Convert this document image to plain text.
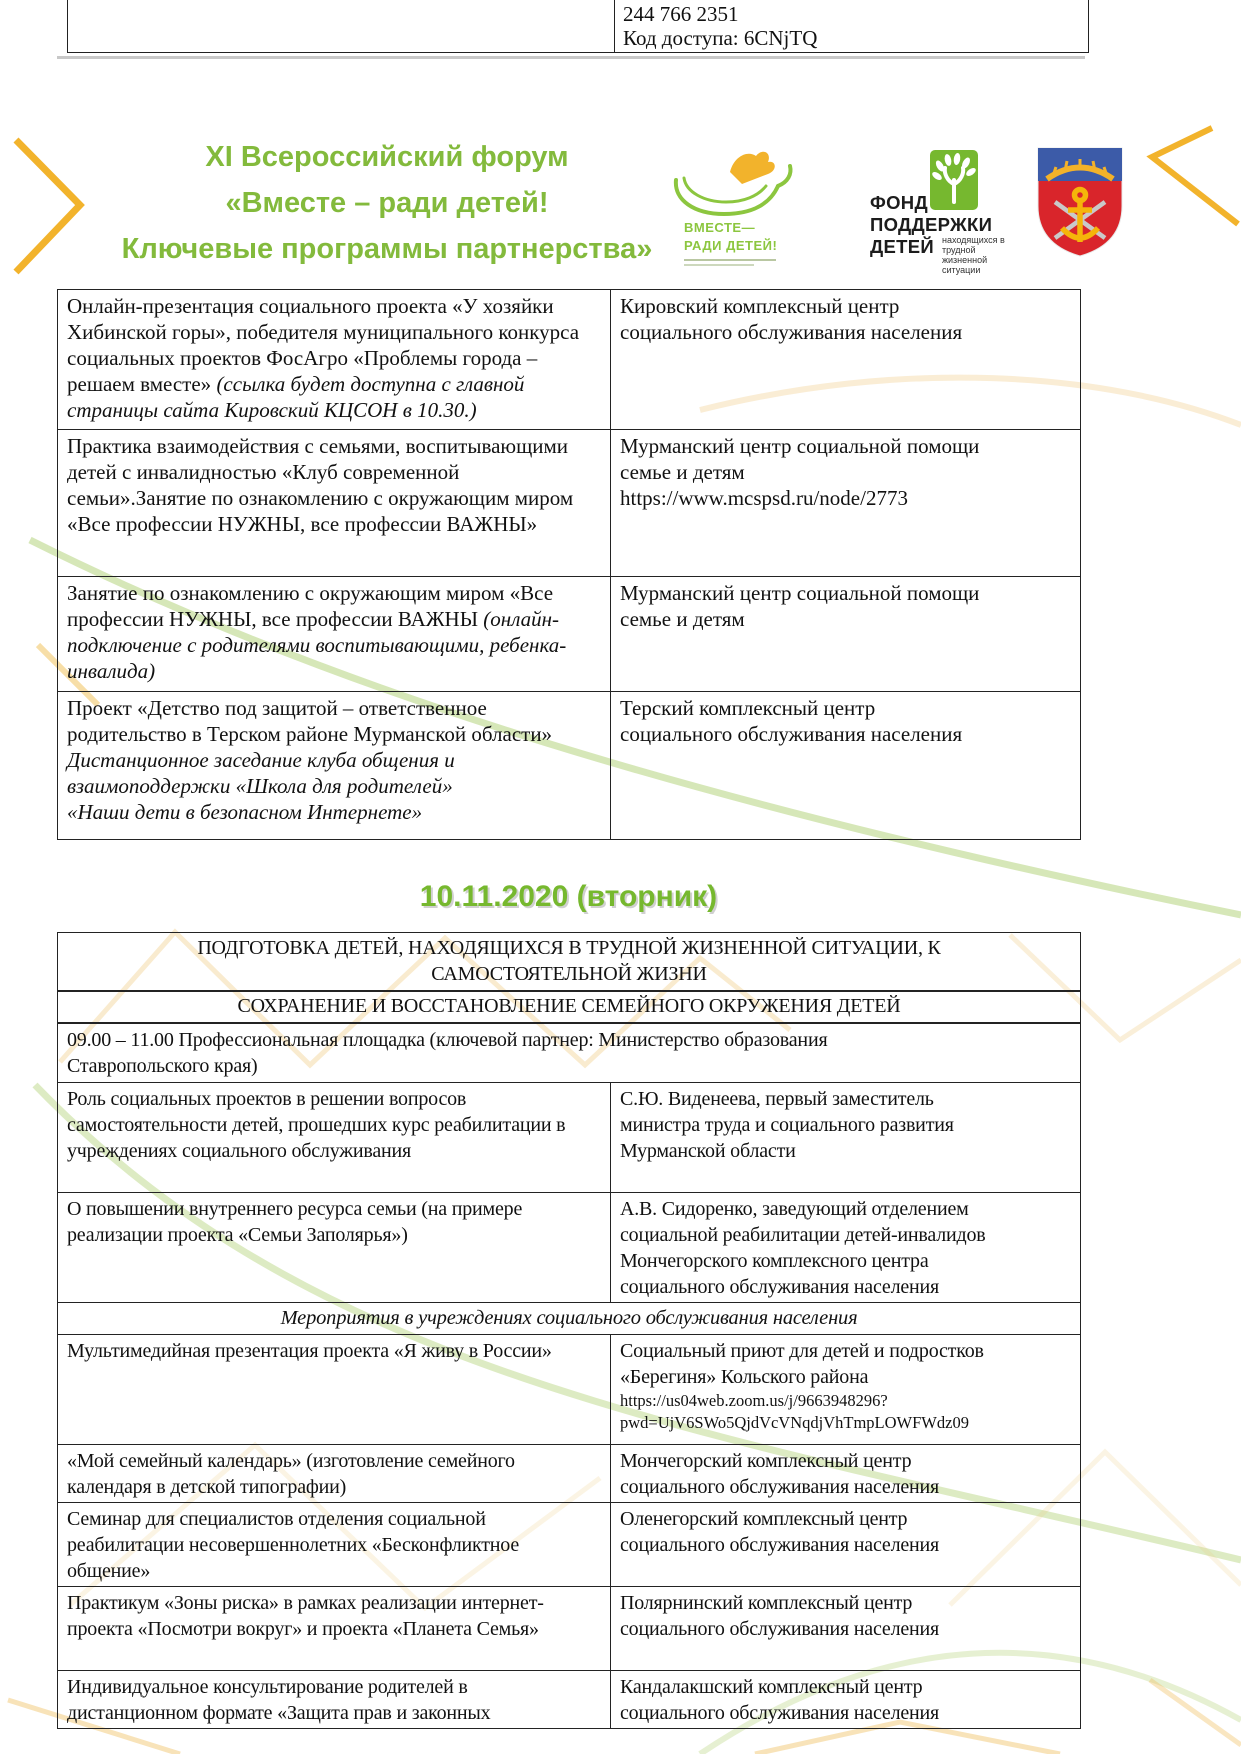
244 766 2351
Код доступа: 6CNjTQ
XI Всероссийский форум
«Вместе – ради детей!
Ключевые программы партнерства»
ВМЕСТЕ—
РАДИ ДЕТЕЙ!
ФОНД
ПОДДЕРЖКИ
ДЕТЕЙ находящихся в трудной жизненной ситуации
Онлайн-презентация социального проекта «У хозяйки Хибинской горы», победителя муниципального конкурса социальных проектов ФосАгро «Проблемы города – решаем вместе» (ссылка будет доступна с главной страницы сайта Кировский КЦСОН в 10.30.)	Кировский комплексный центр социального обслуживания населения
Практика взаимодействия с семьями, воспитывающими детей с инвалидностью «Клуб современной семьи».Занятие по ознакомлению с окружающим миром «Все профессии НУЖНЫ, все профессии ВАЖНЫ»	Мурманский центр социальной помощи семье и детям
https://www.mcspsd.ru/node/2773

Занятие по ознакомлению с окружающим миром «Все профессии НУЖНЫ, все профессии ВАЖНЫ (онлайн-подключение с родителями воспитывающими, ребенка-инвалида)	Мурманский центр социальной помощи семье и детям
Проект «Детство под защитой – ответственное родительство в Терском районе Мурманской области»
Дистанционное заседание клуба общения и взаимоподдержки «Школа для родителей»
«Наши дети в безопасном Интернете»	Терский комплексный центр социального обслуживания населения
10.11.2020 (вторник)
ПОДГОТОВКА ДЕТЕЙ, НАХОДЯЩИХСЯ В ТРУДНОЙ ЖИЗНЕННОЙ СИТУАЦИИ, К САМОСТОЯТЕЛЬНОЙ ЖИЗНИ	
СОХРАНЕНИЕ И ВОССТАНОВЛЕНИЕ СЕМЕЙНОГО ОКРУЖЕНИЯ ДЕТЕЙ	
09.00 – 11.00 Профессиональная площадка (ключевой партнер: Министерство образования Ставропольского края)	
Роль социальных проектов в решении вопросов самостоятельности детей, прошедших курс реабилитации в учреждениях социального обслуживания	С.Ю. Виденеева, первый заместитель министра труда и социального развития Мурманской области
О повышении внутреннего ресурса семьи (на примере реализации проекта «Семьи Заполярья»)	А.В. Сидоренко, заведующий отделением социальной реабилитации детей-инвалидов Мончегорского комплексного центра социального обслуживания населения
Мероприятия в учреждениях социального обслуживания населения	
Мультимедийная презентация проекта «Я живу в России»	Социальный приют для детей и подростков «Берегиня» Кольского района
https://us04web.zoom.us/j/9663948296?pwd=UjV6SWo5QjdVcVNqdjVhTmpLOWFWdz09

«Мой семейный календарь» (изготовление семейного календаря в детской типографии)	Мончегорский комплексный центр социального обслуживания населения
Семинар для специалистов отделения социальной реабилитации несовершеннолетних «Бесконфликтное общение»	Оленегорский комплексный центр социального обслуживания населения
Практикум «Зоны риска» в рамках реализации интернет-проекта «Посмотри вокруг» и проекта «Планета Семья»	Полярнинский комплексный центр социального обслуживания населения
Индивидуальное консультирование родителей в дистанционном формате «Защита прав и законных	Кандалакшский комплексный центр социального обслуживания населения
